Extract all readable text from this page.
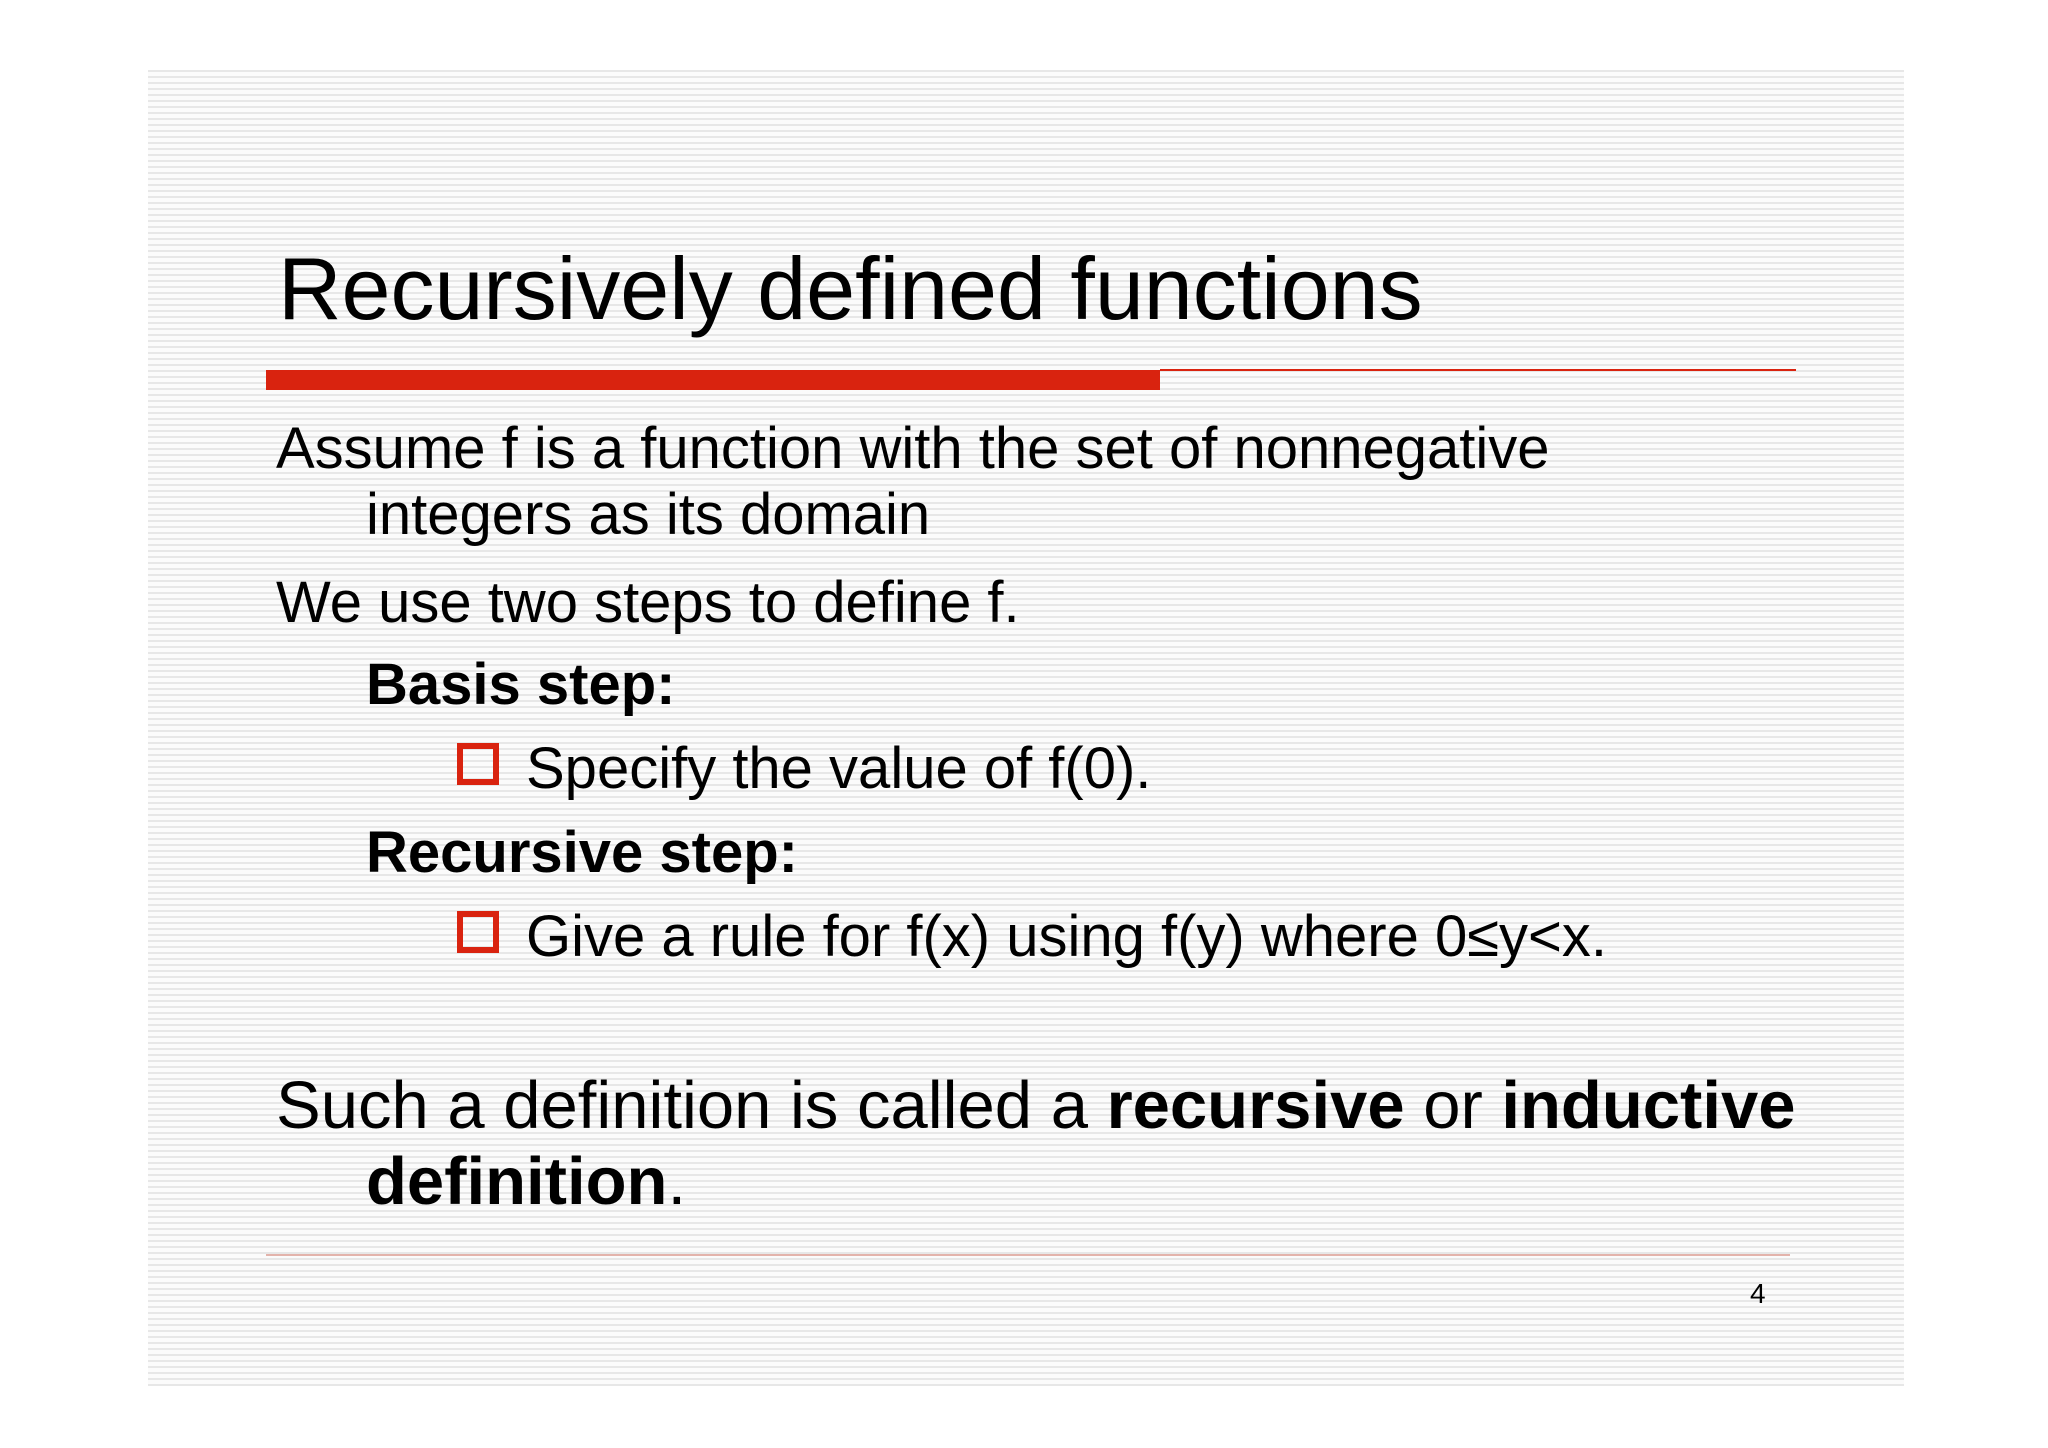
Recursively defined functions
Assume f is a function with the set of nonnegative
integers as its domain
We use two steps to define f.
Basis step:
Specify the value of f(0).
Recursive step:
Give a rule for f(x) using f(y) where 0≤y<x.
Such a definition is called a recursive or inductive
definition.
4
